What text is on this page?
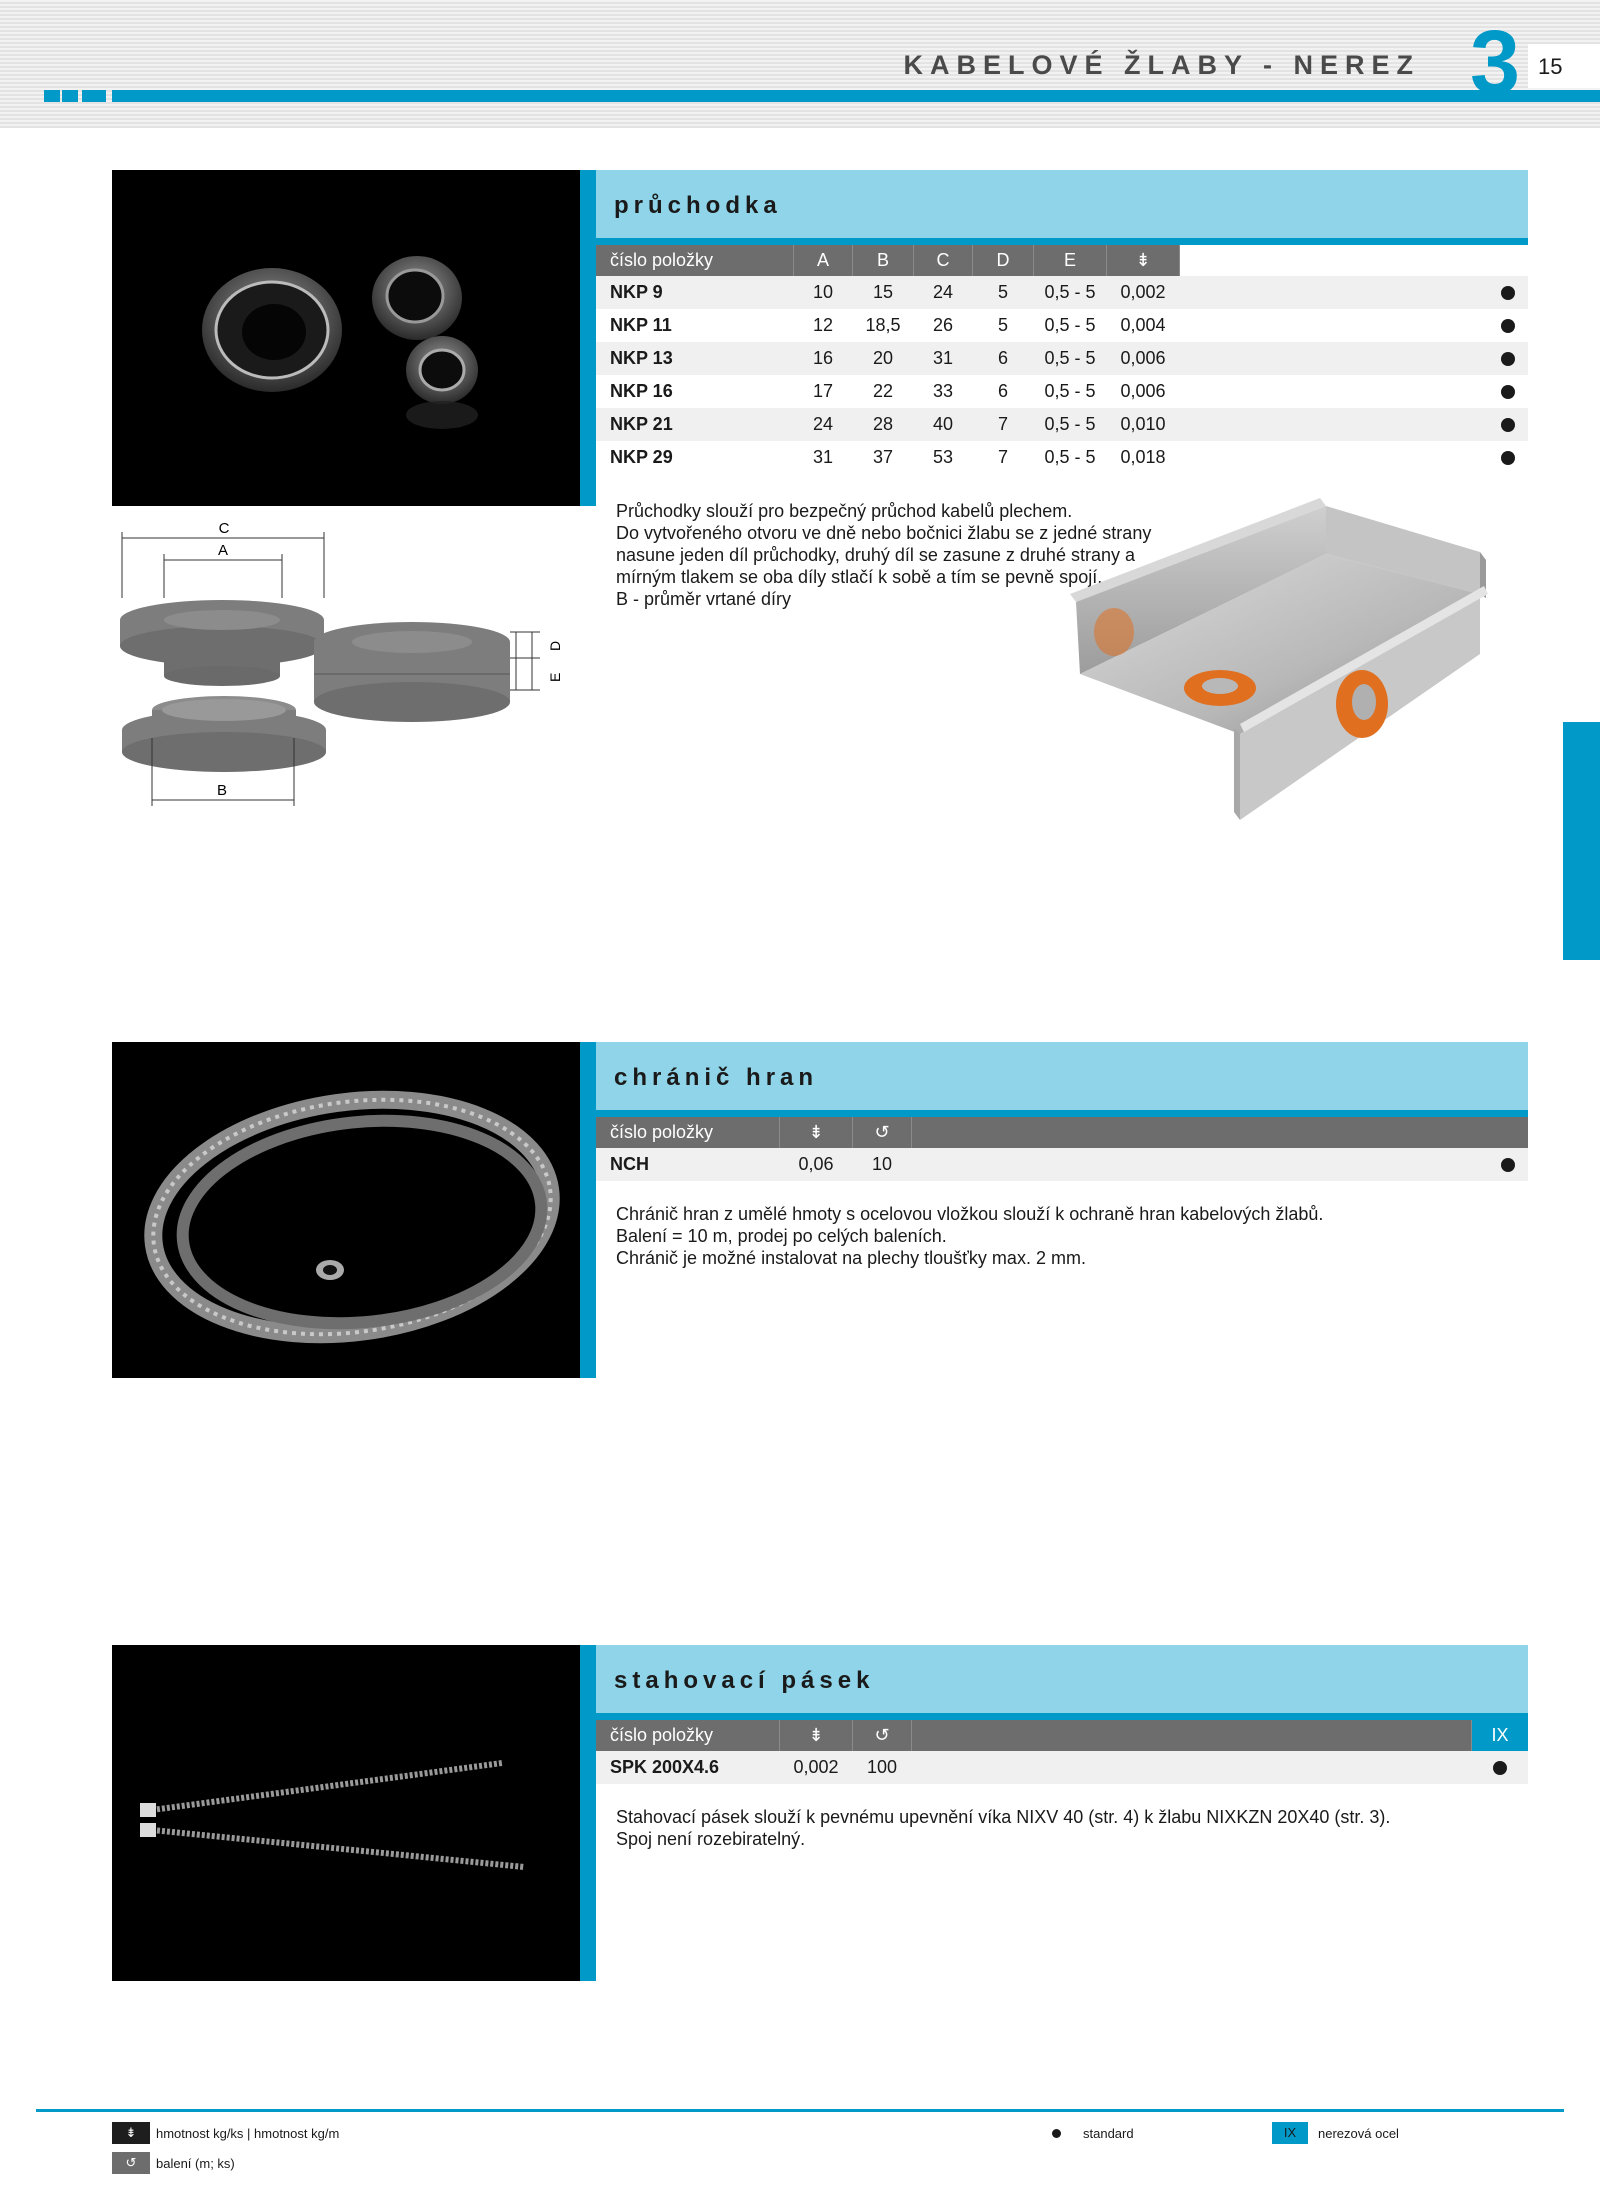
KABELOVÉ ŽLABY - NEREZ 3 15
průchodka
číslo položky	A	B	C	D	E	⇟		
NKP 9	10	15	24	5	0,5 - 5	0,002		
NKP 11	12	18,5	26	5	0,5 - 5	0,004		
NKP 13	16	20	31	6	0,5 - 5	0,006		
NKP 16	17	22	33	6	0,5 - 5	0,006		
NKP 21	24	28	40	7	0,5 - 5	0,010		
NKP 29	31	37	53	7	0,5 - 5	0,018		
Průchodky slouží pro bezpečný průchod kabelů plechem.
Do vytvořeného otvoru ve dně nebo bočnici žlabu se z jedné strany
nasune jeden díl průchodky, druhý díl se zasune z druhé strany a
mírným tlakem se oba díly stlačí k sobě a tím se pevně spojí.
B - průměr vrtané díry
C
A
D
E
B
chránič hran
číslo položky	⇟	↺		
NCH	0,06	10		
Chránič hran z umělé hmoty s ocelovou vložkou slouží k ochraně hran kabelových žlabů.
Balení = 10 m, prodej po celých baleních.
Chránič je možné instalovat na plechy tloušťky max. 2 mm.
stahovací pásek
číslo položky	⇟	↺		IX
SPK 200X4.6	0,002	100		
Stahovací pásek slouží k pevnému upevnění víka NIXV 40 (str. 4) k žlabu NIXKZN 20X40 (str. 3).
Spoj není rozebiratelný.
⇟	hmotnost kg/ks | hmotnost kg/m
↺	balení (m; ks)
standard	IX	nerezová ocel
